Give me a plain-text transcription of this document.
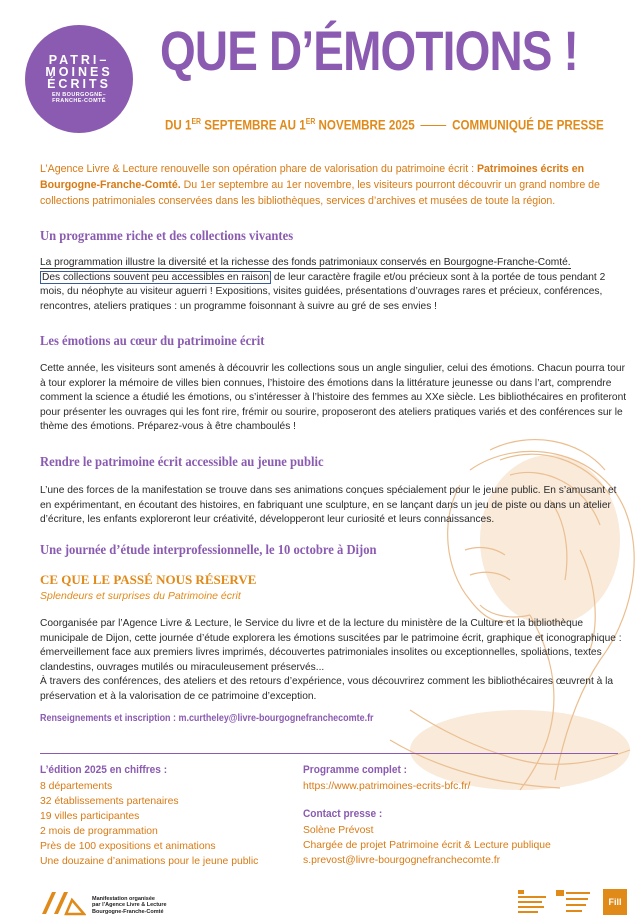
PATRI–
MOINES
ÉCRITS
EN BOURGOGNE–
FRANCHE-COMTÉ
QUE D’ÉMOTIONS !
DU 1ER SEPTEMBRE AU 1ER NOVEMBRE 2025	COMMUNIQUÉ DE PRESSE
L’Agence Livre & Lecture renouvelle son opération phare de valorisation du patrimoine écrit : Patrimoines écrits en Bourgogne-Franche-Comté. Du 1er septembre au 1er novembre, les visiteurs pourront découvrir un grand nombre de collections patrimoniales conservées dans les bibliothèques, services d’archives et musées de toute la région.
Un programme riche et des collections vivantes
La programmation illustre la diversité et la richesse des fonds patrimoniaux conservés en Bourgogne-Franche-Comté.
Des collections souvent peu accessibles en raison de leur caractère fragile et/ou précieux sont à la portée de tous pendant 2 mois, du néophyte au visiteur aguerri ! Expositions, visites guidées, présentations d’ouvrages rares et précieux, conférences, rencontres, ateliers pratiques : un programme foisonnant à suivre au gré de ses envies !
Les émotions au cœur du patrimoine écrit
Cette année, les visiteurs sont amenés à découvrir les collections sous un angle singulier, celui des émotions. Chacun pourra tour à tour explorer la mémoire de villes bien connues, l’histoire des émotions dans la littérature jeunesse ou dans l’art, comprendre comment la science a étudié les émotions, ou s’intéresser à l’histoire des femmes au XXe siècle. Les bibliothécaires en profiteront pour présenter les ouvrages qui les font rire, frémir ou sourire, proposeront des ateliers pratiques variés et des conférences sur le thème des émotions. Préparez-vous à être chamboulés !
Rendre le patrimoine écrit accessible au jeune public
L’une des forces de la manifestation se trouve dans ses animations conçues spécialement pour le jeune public. En s’amusant et en expérimentant, en écoutant des histoires, en fabriquant une sculpture, en se lançant dans un jeu de piste ou dans un atelier d’écriture, les enfants exploreront leur créativité, développeront leur curiosité et leurs connaissances.
Une journée d’étude interprofessionnelle, le 10 octobre à Dijon
CE QUE LE PASSÉ NOUS RÉSERVE
Splendeurs et surprises du Patrimoine écrit
Coorganisée par l’Agence Livre & Lecture, le Service du livre et de la lecture du ministère de la Culture et la bibliothèque municipale de Dijon, cette journée d’étude explorera les émotions suscitées par le patrimoine écrit, graphique et iconographique : émerveillement face aux premiers livres imprimés, découvertes patrimoniales insolites ou exceptionnelles, spoliations, textes clandestins, ouvrages mutilés ou miraculeusement préservés...
À travers des conférences, des ateliers et des retours d’expérience, vous découvrirez comment les bibliothécaires œuvrent à la préservation et à la valorisation de ce patrimoine d’exception.
Renseignements et inscription : m.curtheley@livre-bourgognefranchecomte.fr
L’édition 2025 en chiffres :
8 départements
32 établissements partenaires
19 villes participantes
2 mois de programmation
Près de 100 expositions et animations
Une douzaine d’animations pour le jeune public
Programme complet :
https://www.patrimoines-ecrits-bfc.fr/
Contact presse :
Solène Prévost
Chargée de projet Patrimoine écrit & Lecture publique
s.prevost@livre-bourgognefranchecomte.fr
Manifestation organisée
par l’Agence Livre & Lecture
Bourgogne-Franche-Comté
Fill
